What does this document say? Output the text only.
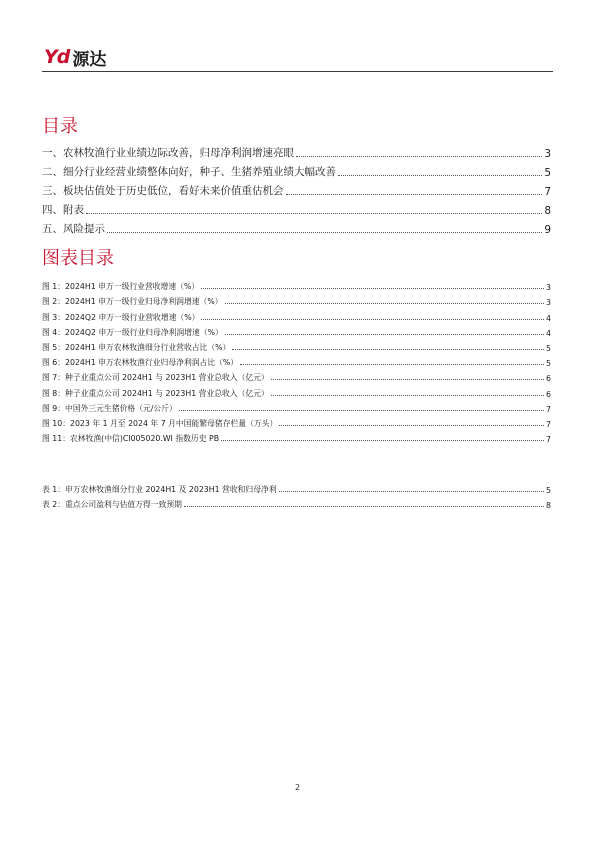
Yd 源达
目录
一、农林牧渔行业业绩边际改善，归母净利润增速亮眼	3
二、细分行业经营业绩整体向好，种子、生猪养殖业绩大幅改善	5
三、板块估值处于历史低位，看好未来价值重估机会	7
四、附表	8
五、风险提示	9
图表目录
图 1：2024H1 申万一级行业营收增速（%）	3
图 2：2024H1 申万一级行业归母净利润增速（%）	3
图 3：2024Q2 申万一级行业营收增速（%）	4
图 4：2024Q2 申万一级行业归母净利润增速（%）	4
图 5：2024H1 申万农林牧渔细分行业营收占比（%）	5
图 6：2024H1 申万农林牧渔行业归母净利润占比（%）	5
图 7：种子业重点公司 2024H1 与 2023H1 营业总收入（亿元）	6
图 8：种子业重点公司 2024H1 与 2023H1 营业总收入（亿元）	6
图 9：中国外三元生猪价格（元/公斤）	7
图 10：2023 年 1 月至 2024 年 7 月中国能繁母猪存栏量（万头）	7
图 11：农林牧渔(中信)CI005020.WI 指数历史 PB	7
表 1：申万农林牧渔细分行业 2024H1 及 2023H1 营收和归母净利	5
表 2：重点公司盈利与估值万得一致预期	8
2
